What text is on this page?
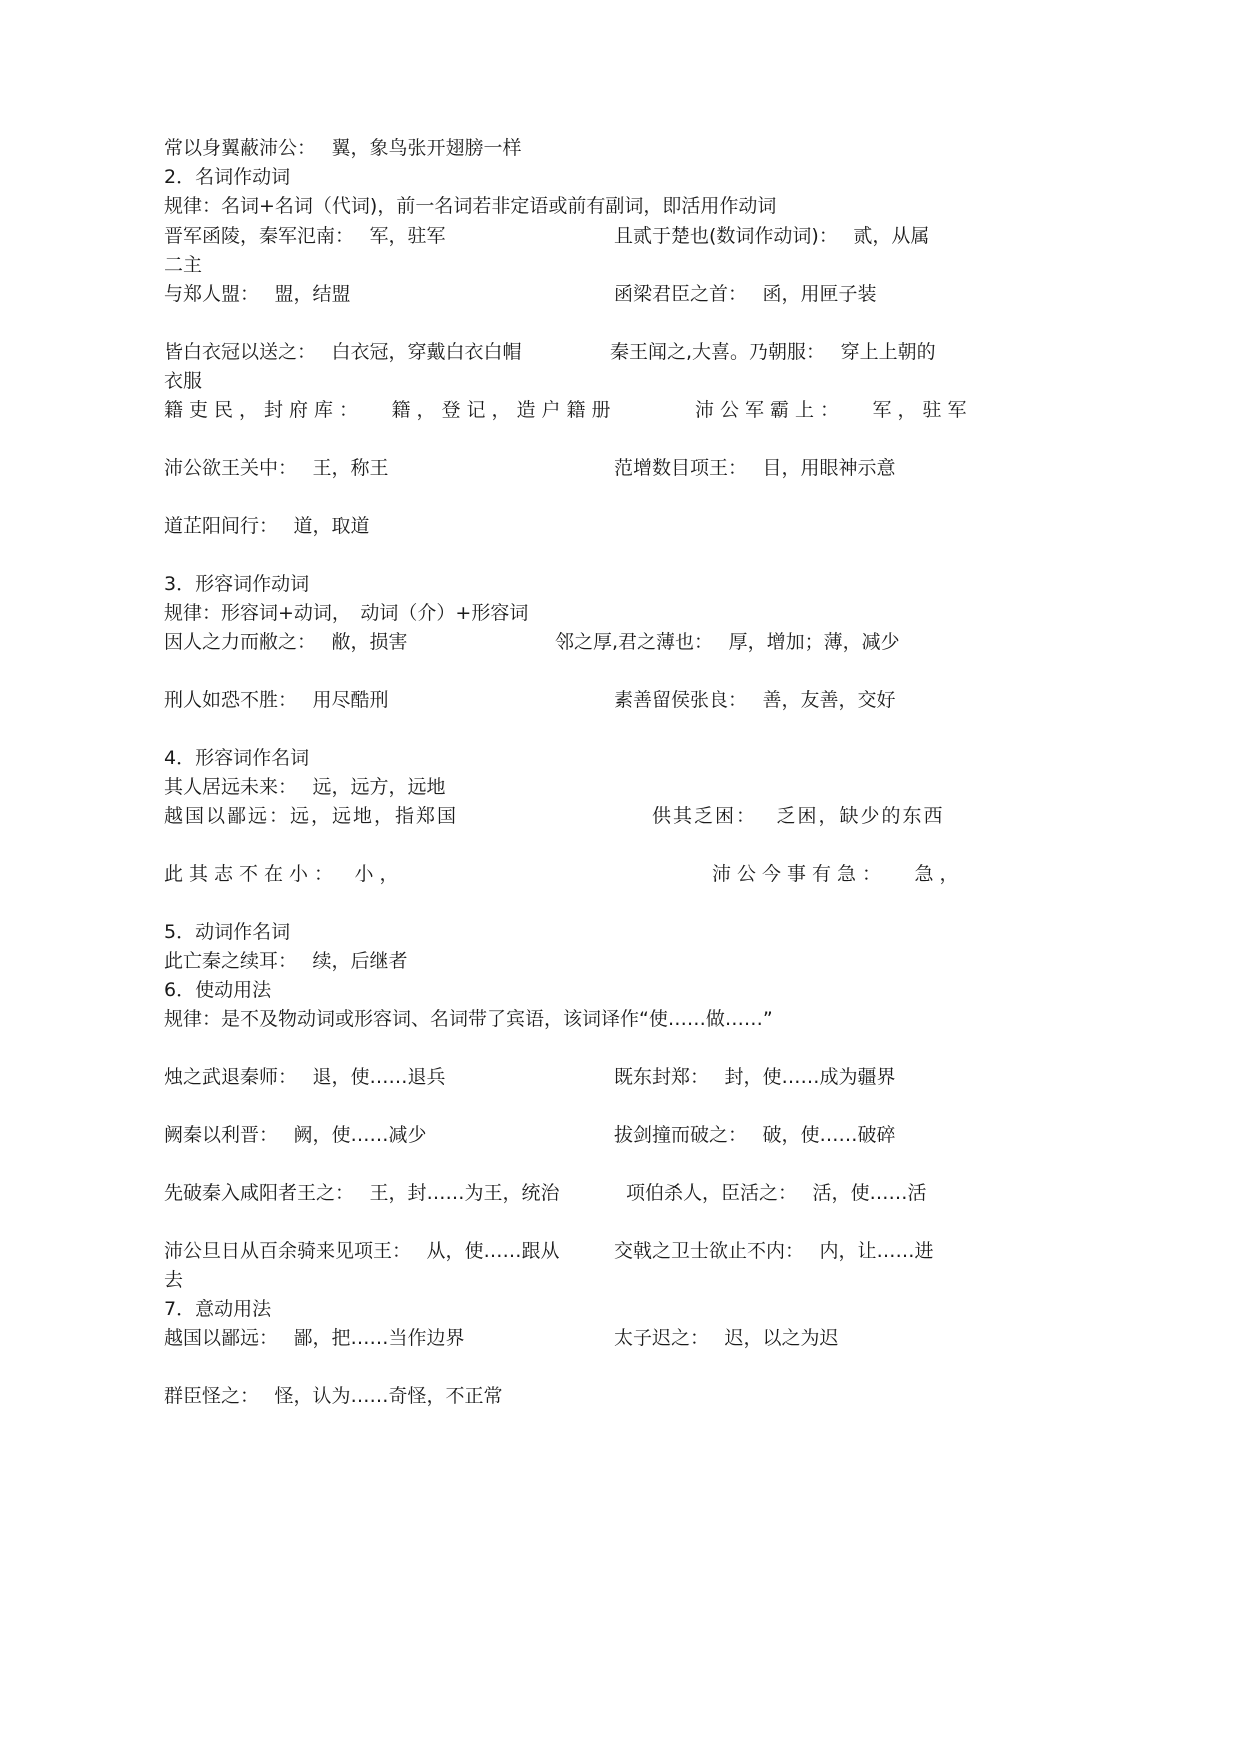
常以身翼蔽沛公：　 翼，象鸟张开翅膀一样
2．名词作动词
规律：名词+名词（代词)，前一名词若非定语或前有副词，即活用作动词
晋军函陵，秦军氾南：　 军，驻军	且贰于楚也(数词作动词)：　 贰，从属
二主
与郑人盟：　 盟，结盟	函梁君臣之首：　 函，用匣子装
皆白衣冠以送之：　 白衣冠，穿戴白衣白帽	秦王闻之,大喜。乃朝服：　 穿上上朝的
衣服
籍吏民，封府库：　 籍，登记，造户籍册	沛公军霸上：　 军，驻军
沛公欲王关中：　 王，称王	范增数目项王：　 目，用眼神示意
道芷阳间行：　 道，取道
3．形容词作动词
规律：形容词+动词，　动词（介）+形容词
因人之力而敝之：　 敝，损害	邻之厚,君之薄也：　 厚，增加；薄，减少
刑人如恐不胜：　 用尽酷刑	素善留侯张良：　 善，友善，交好
4．形容词作名词
其人居远未来：　 远，远方，远地
越国以鄙远：远，远地，指郑国	供其乏困：　 乏困，缺少的东西
此其志不在小：　小，	沛公今事有急：　 急，
5．动词作名词
此亡秦之续耳：　 续，后继者
6．使动用法
规律：是不及物动词或形容词、名词带了宾语，该词译作“使……做……”
烛之武退秦师：　 退，使……退兵	既东封郑：　 封，使……成为疆界
阙秦以利晋：　 阙，使……减少	拔剑撞而破之：　 破，使……破碎
先破秦入咸阳者王之：　 王，封……为王，统治	项伯杀人，臣活之：　 活，使……活
沛公旦日从百余骑来见项王：　 从，使……跟从	交戟之卫士欲止不内：　 内，让……进
去
7．意动用法
越国以鄙远：　 鄙，把……当作边界	太子迟之：　 迟，以之为迟
群臣怪之：　 怪，认为……奇怪，不正常
